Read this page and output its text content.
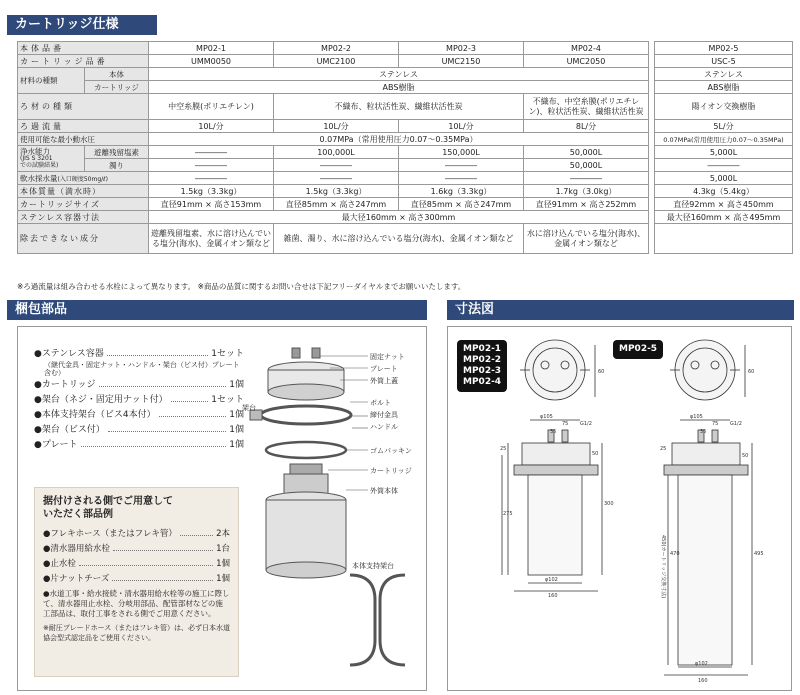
カートリッジ仕様
梱包部品	寸法図
本体品番		MP02-1	MP02-2	MP02-3	MP02-4		MP02-5
カートリッジ品番		UMM0050	UMC2100	UMC2150	UMC2050		USC-5
材料の種類	本体	ステンレス					ステンレス
	カートリッジ	ABS樹脂					ABS樹脂
ろ材の種類		中空糸膜(ポリエチレン)	不織布、粒状活性炭、繊維状活性炭		不織布、中空糸膜(ポリエチレン)、粒状活性炭、繊維状活性炭		陽イオン交換樹脂
ろ過流量		10L/分	10L/分	10L/分	8L/分		5L/分
使用可能な最小動水圧		0.07MPa（常用使用圧力0.07～0.35MPa）					0.07MPa(常用使用圧力0.07～0.35MPa)

浄水能力
(JIS S 3201
での試験結果)	遊離残留塩素	――――	100,000L	150,000L	50,000L		5,000L
	濁り	――――	――――	――――	50,000L		――――
軟水採水量(入口硬度50mg/ℓ)		――――	――――	――――	――――		5,000L
本体質量（満水時）		1.5kg（3.3kg）	1.5kg（3.3kg）	1.6kg（3.3kg）	1.7kg（3.0kg）		4.3kg（5.4kg）
カートリッジサイズ		直径91mm × 高さ153mm	直径85mm × 高さ247mm	直径85mm × 高さ247mm	直径91mm × 高さ252mm		直径92mm × 高さ450mm
ステンレス容器寸法		最大径160mm × 高さ300mm					最大径160mm × 高さ495mm
除去できない成分		遊離残留塩素、水に溶け込んでいる塩分(海水)、金属イオン類など	雑菌、濁り、水に溶け込んでいる塩分(海水)、金属イオン類など		水に溶け込んでいる塩分(海水)、金属イオン類など		
※ろ過流量は組み合わせる水栓によって異なります。 ※商品の品質に関するお問い合せは下記フリーダイヤルまでお願いいたします。
●ステンレス容器	1セット
（継代金具・固定ナット・ハンドル・架台（ビス付）プレート含む）
●カートリッジ	1個
●架台（ネジ・固定用ナット付）	1セット
●本体支持架台（ビス4本付）	1個
●架台（ビス付）	1個
●プレート	1個
固定ナット
プレート
外筒上蓋
架台
ボルト
締付金具
ハンドル
ゴムパッキン
カートリッジ
外筒本体
本体支持架台
据付けされる側でご用意して
いただく部品例
●フレキホース（またはフレキ管）	2本
●清水器用給水栓	1台
●止水栓	1個
●片ナットチーズ	1個
●水道工事・給水接続・清水器用給水栓等の施工に際して、清水器用止水栓、分岐用部品、配管部材などの施工部品は、取付工事をされる側でご用意ください。
※耐圧ブレードホース（またはフレキ管）は、必ず日本水道協会型式認定品をご使用ください。
MP02-1
MP02-2
MP02-3
MP02-4
MP02-5
60
φ105
75
35
G1/2
25
50
300
275
φ102
160
60
φ105
75
35
G1/2
25
50
495
470
450(カートリッジ交換寸法)
φ102
160
